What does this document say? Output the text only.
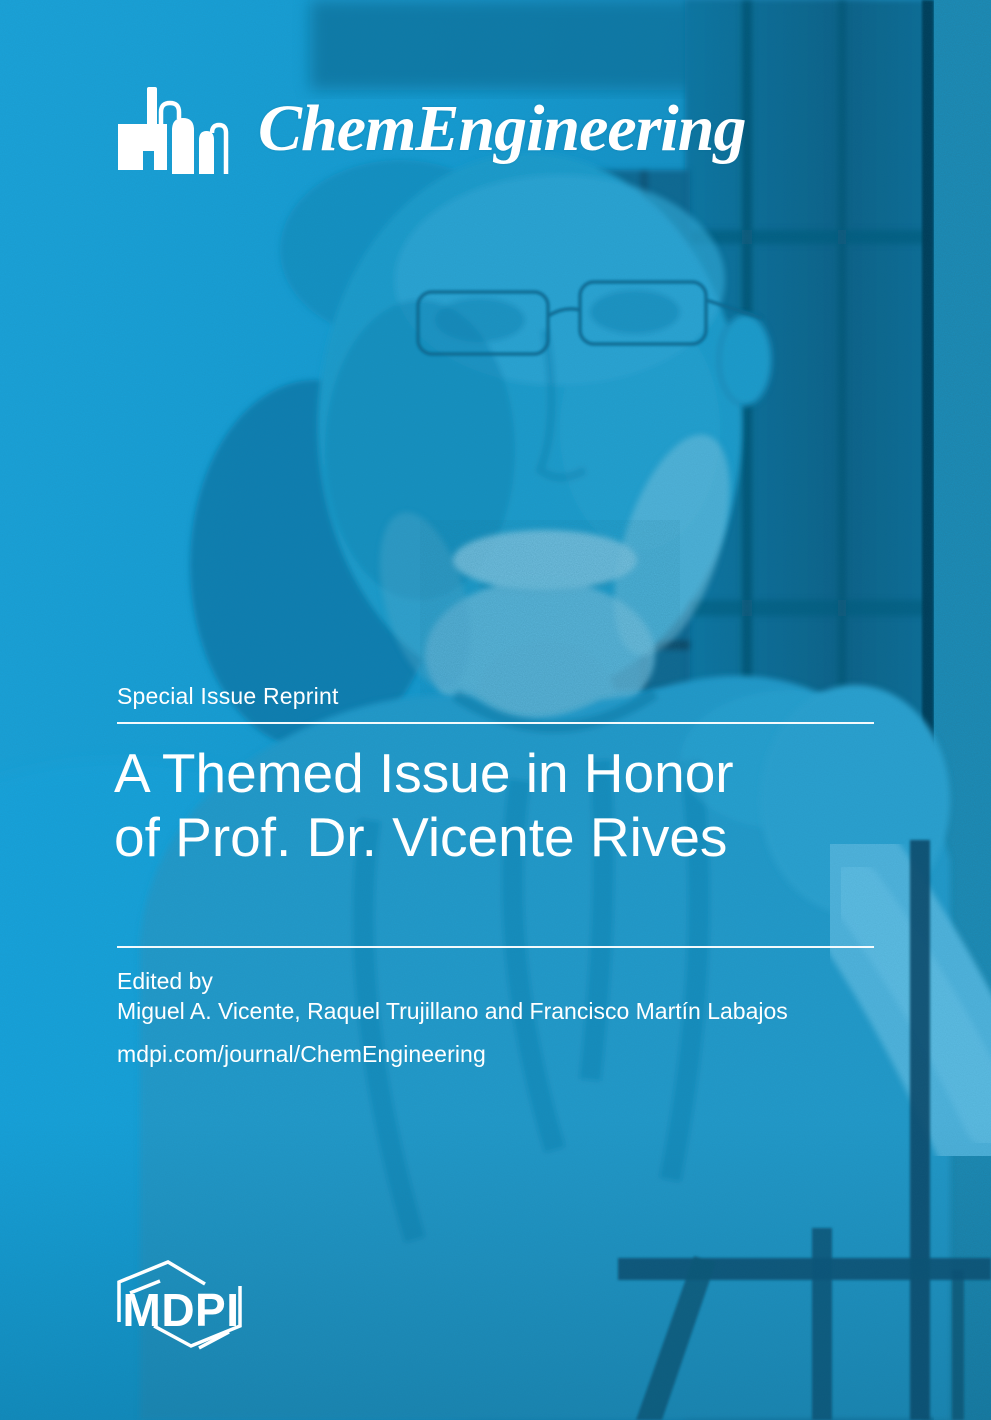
ChemEngineering
Special Issue Reprint
A Themed Issue in Honor
of Prof. Dr. Vicente Rives
Edited by
Miguel A. Vicente, Raquel Trujillano and Francisco Martín Labajos
mdpi.com/journal/ChemEngineering
MDPI
